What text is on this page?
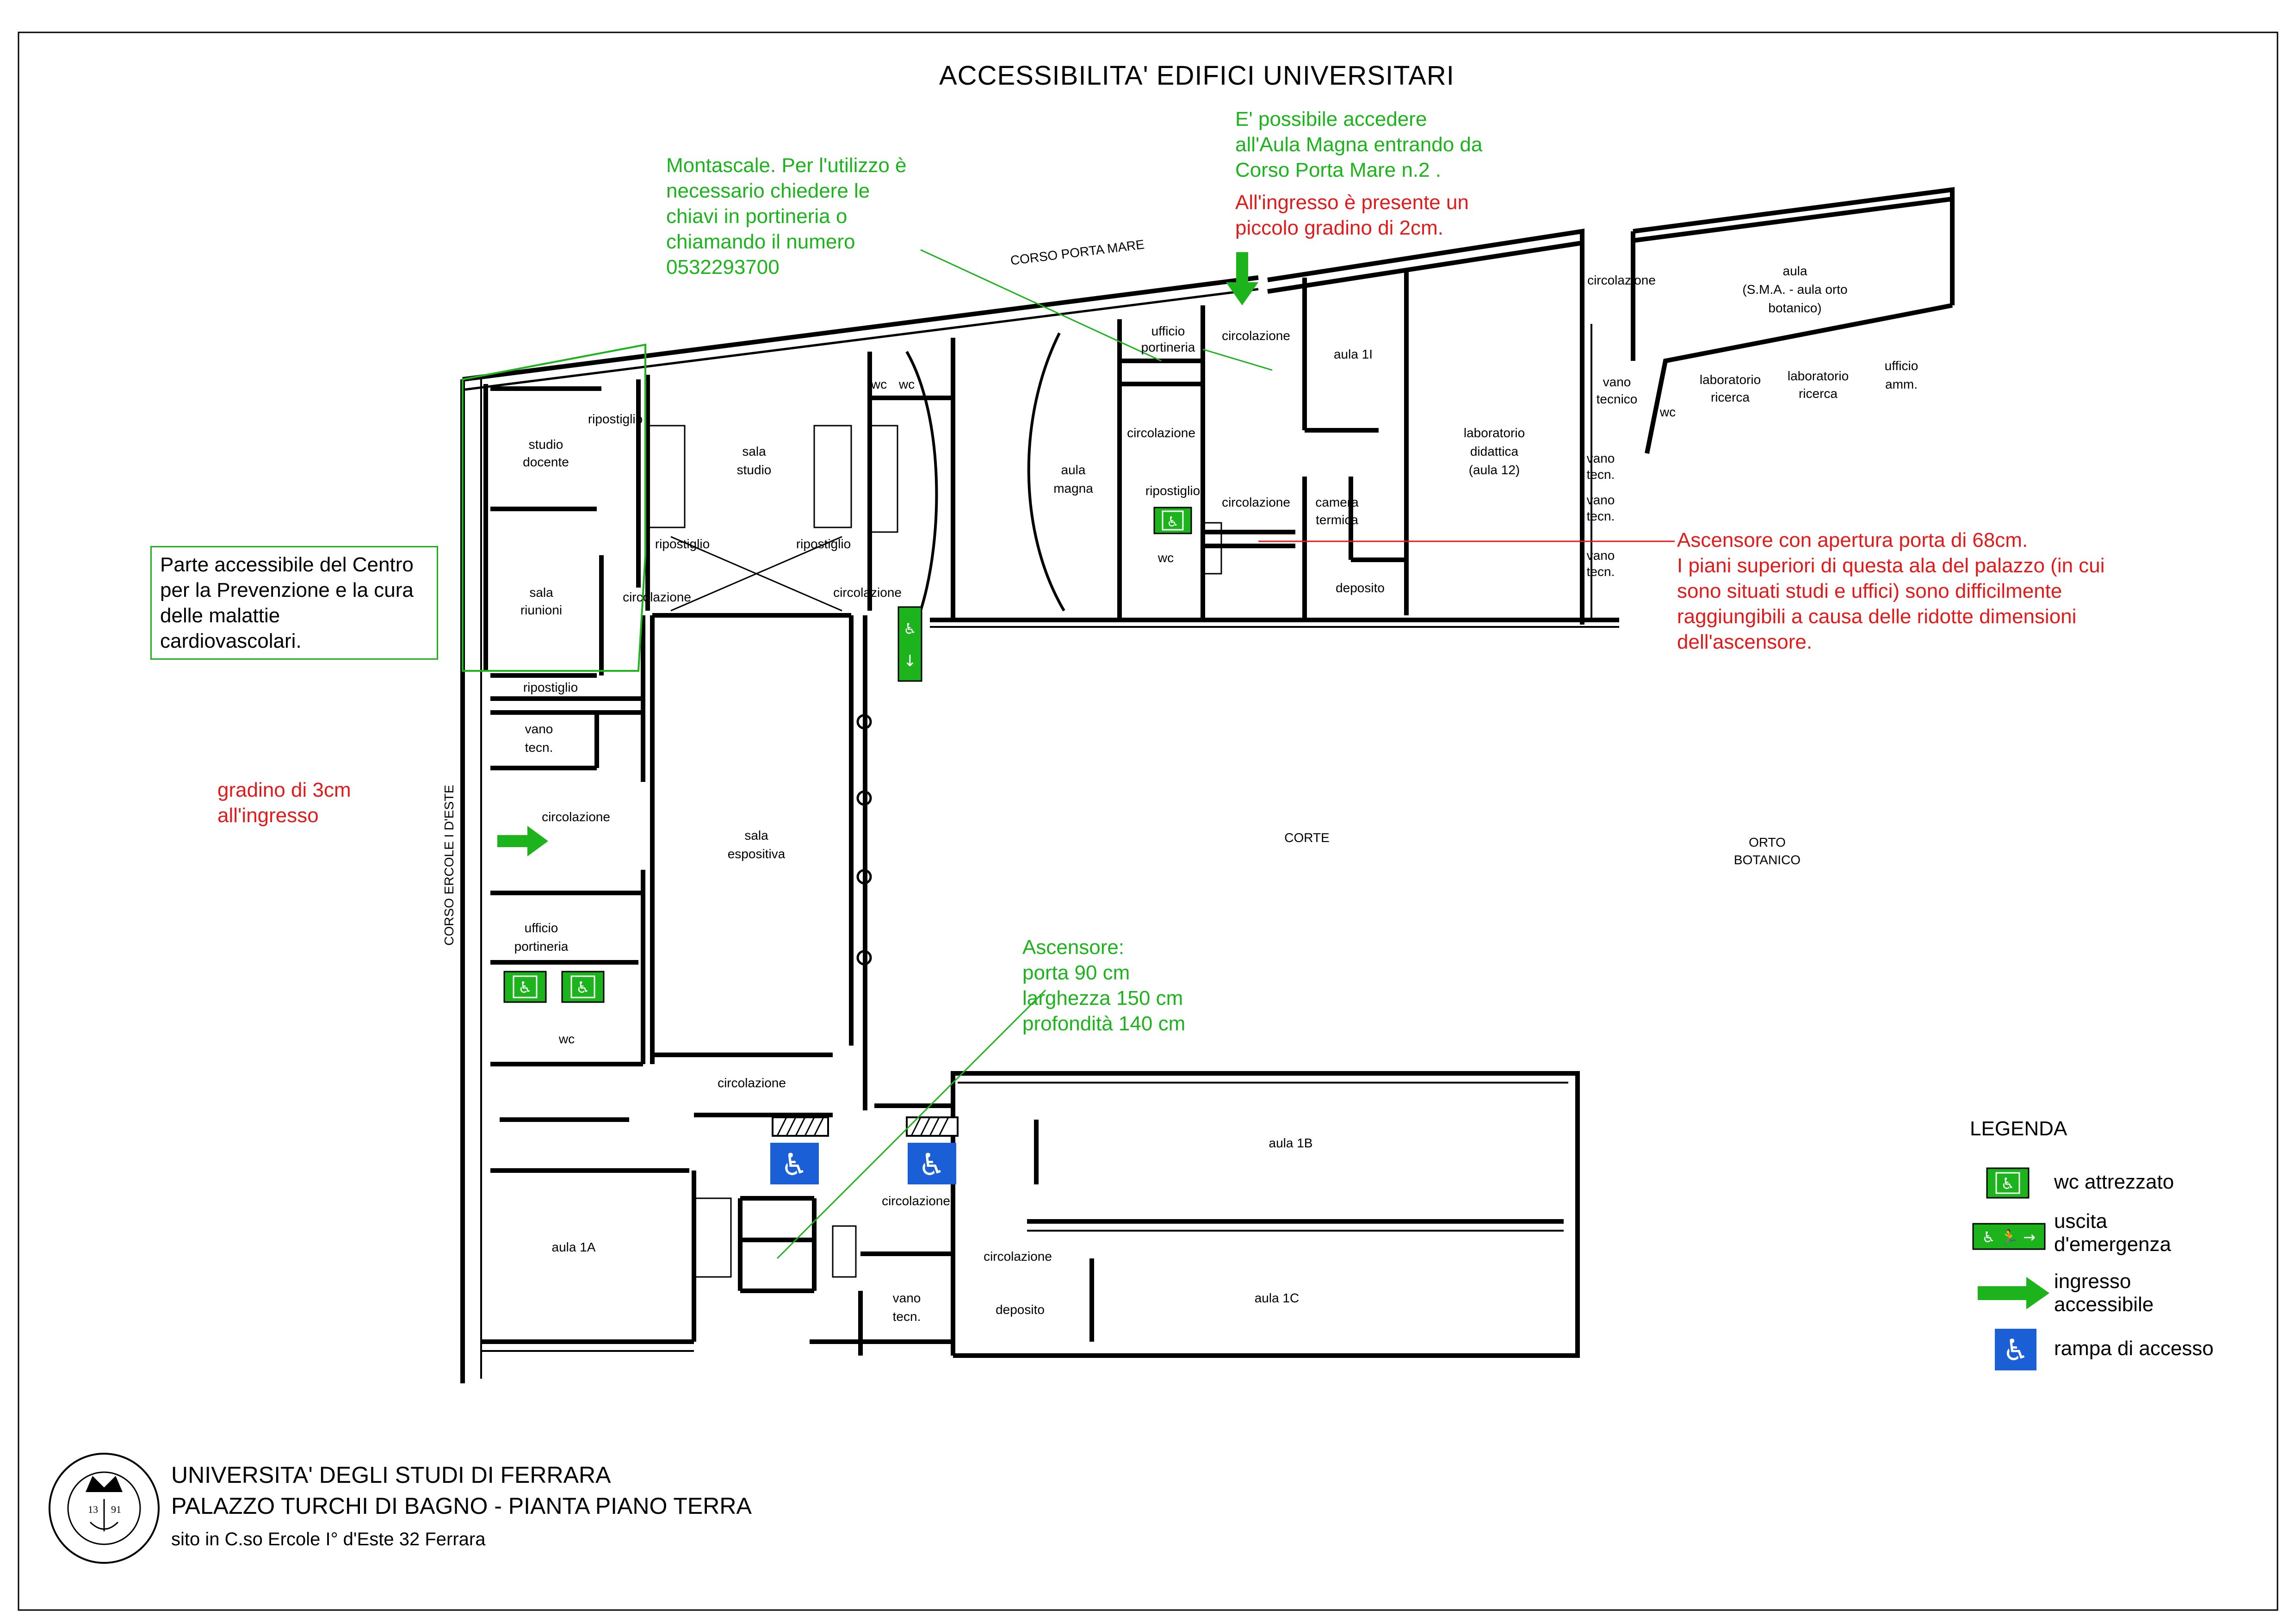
♿
↓
♿
♿	♿
♿	♿
CORSO PORTA MARE
CORSO ERCOLE I D'ESTE
ufficio
portineria
circolazione
aula 1I
laboratorio
didattica
(aula 12)
circolazione
aula
(S.M.A. - aula orto
botanico)
vano
tecnico
wc
laboratorio
ricerca
laboratorio
ricerca
ufficio
amm.
vano
tecn.
vano
tecn.
vano
tecn.
studio
docente
ripostiglio
sala
studio
wc wc
aula
magna
circolazione
ripostiglio
wc
circolazione camera
termica
deposito
ripostiglio	ripostiglio
sala
riunioni
circolazione	circolazione
ripostiglio
vano
tecn.
circolazione
sala
espositiva
CORTE	ORTO
BOTANICO
ufficio
portineria
wc
circolazione
aula 1A
aula 1B
circolazione
circolazione
vano
tecn.	deposito
aula 1C
♿
♿ 🏃 →
♿
13 91
ACCESSIBILITA' EDIFICI UNIVERSITARI
Montascale. Per l'utilizzo è
necessario chiedere le
chiavi in portineria o
chiamando il numero
0532293700
E' possibile accedere
all'Aula Magna entrando da
Corso Porta Mare n.2 .
All'ingresso è presente un
piccolo gradino di 2cm.
Ascensore con apertura porta di 68cm.
I piani superiori di questa ala del palazzo (in cui
sono situati studi e uffici) sono difficilmente
raggiungibili a causa delle ridotte dimensioni
dell'ascensore.
Parte accessibile del Centro
per la Prevenzione e la cura
delle malattie
cardiovascolari.
gradino di 3cm
all'ingresso
Ascensore:
porta 90 cm
larghezza 150 cm
profondità 140 cm
LEGENDA
wc attrezzato
uscita
d'emergenza
ingresso
accessibile
rampa di accesso
UNIVERSITA' DEGLI STUDI DI FERRARA
PALAZZO TURCHI DI BAGNO - PIANTA PIANO TERRA
sito in C.so Ercole I° d'Este 32 Ferrara
